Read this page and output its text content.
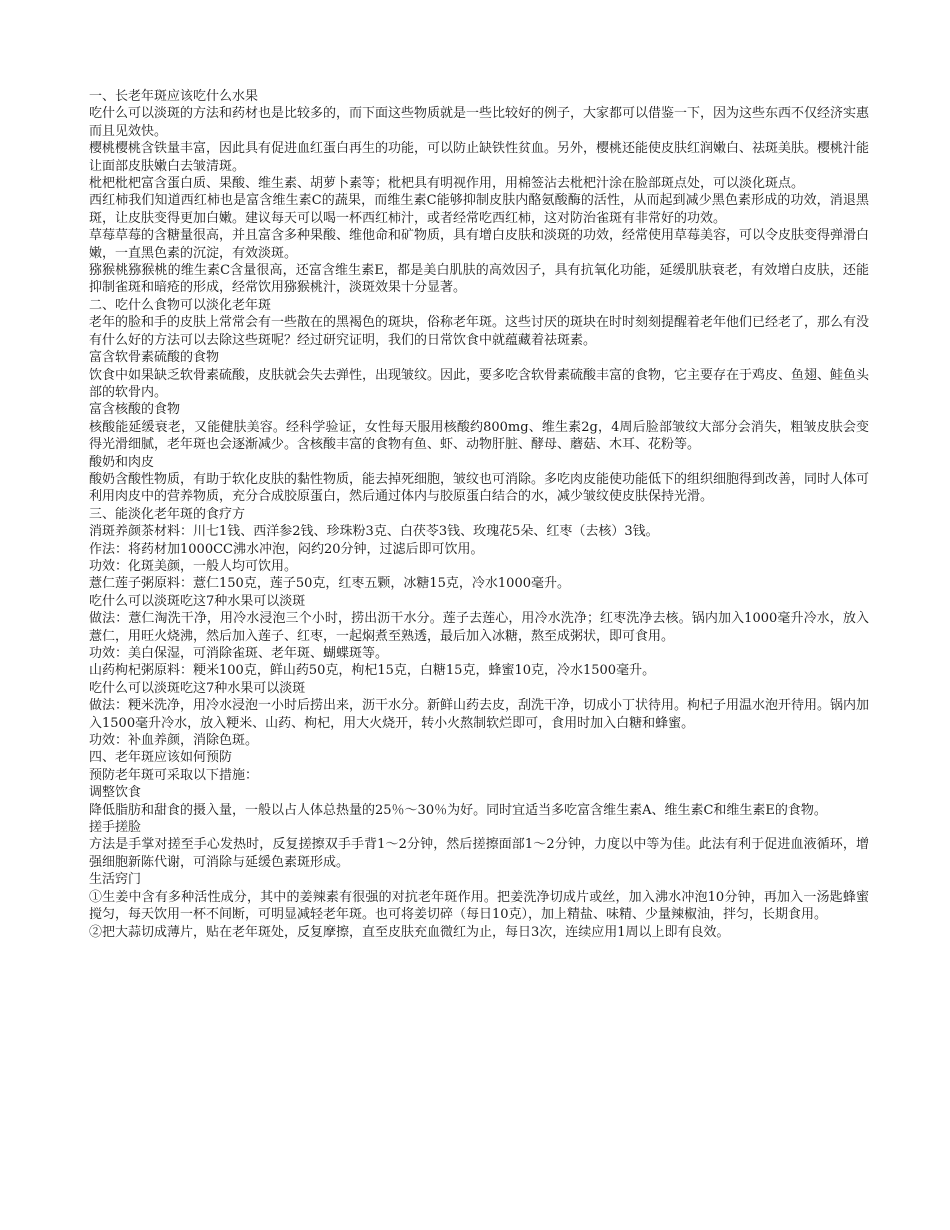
一、长老年斑应该吃什么水果

吃什么可以淡斑的方法和药材也是比较多的，而下面这些物质就是一些比较好的例子，大家都可以借鉴一下，因为这些东西不仅经济实惠而且见效快。

樱桃樱桃含铁量丰富，因此具有促进血红蛋白再生的功能，可以防止缺铁性贫血。另外，樱桃还能使皮肤红润嫩白、祛斑美肤。樱桃汁能让面部皮肤嫩白去皱清斑。

枇杷枇杷富含蛋白质、果酸、维生素、胡萝卜素等；枇杷具有明视作用，用棉签沾去枇杷汁涂在脸部斑点处，可以淡化斑点。

西红柿我们知道西红柿也是富含维生素C的蔬果，而维生素C能够抑制皮肤内酪氨酸酶的活性，从而起到减少黑色素形成的功效，消退黑斑，让皮肤变得更加白嫩。建议每天可以喝一杯西红柿汁，或者经常吃西红柿，这对防治雀斑有非常好的功效。

草莓草莓的含糖量很高，并且富含多种果酸、维他命和矿物质，具有增白皮肤和淡斑的功效，经常使用草莓美容，可以令皮肤变得弹滑白嫩，一直黑色素的沉淀，有效淡斑。

猕猴桃猕猴桃的维生素C含量很高，还富含维生素E，都是美白肌肤的高效因子，具有抗氧化功能，延缓肌肤衰老，有效增白皮肤，还能抑制雀斑和暗疮的形成，经常饮用猕猴桃汁，淡斑效果十分显著。

二、吃什么食物可以淡化老年斑

老年的脸和手的皮肤上常常会有一些散在的黑褐色的斑块，俗称老年斑。这些讨厌的斑块在时时刻刻提醒着老年他们已经老了，那么有没有什么好的方法可以去除这些斑呢？经过研究证明，我们的日常饮食中就蕴藏着祛斑素。

富含软骨素硫酸的食物

饮食中如果缺乏软骨素硫酸，皮肤就会失去弹性，出现皱纹。因此，要多吃含软骨素硫酸丰富的食物，它主要存在于鸡皮、鱼翅、鲑鱼头部的软骨内。

富含核酸的食物

核酸能延缓衰老，又能健肤美容。经科学验证，女性每天服用核酸约800mg、维生素2g，4周后脸部皱纹大部分会消失，粗皱皮肤会变得光滑细腻，老年斑也会逐渐减少。含核酸丰富的食物有鱼、虾、动物肝脏、酵母、蘑菇、木耳、花粉等。

酸奶和肉皮

酸奶含酸性物质，有助于软化皮肤的黏性物质，能去掉死细胞，皱纹也可消除。多吃肉皮能使功能低下的组织细胞得到改善，同时人体可利用肉皮中的营养物质，充分合成胶原蛋白，然后通过体内与胶原蛋白结合的水，减少皱纹使皮肤保持光滑。

三、能淡化老年斑的食疗方

消斑养颜茶材料：川七1钱、西洋参2钱、珍珠粉3克、白茯苓3钱、玫瑰花5朵、红枣（去核）3钱。

作法：将药材加1000CC沸水冲泡，闷约20分钟，过滤后即可饮用。

功效：化斑美颜，一般人均可饮用。

薏仁莲子粥原料：薏仁150克，莲子50克，红枣五颗，冰糖15克，冷水1000毫升。

吃什么可以淡斑吃这7种水果可以淡斑

做法：薏仁淘洗干净，用冷水浸泡三个小时，捞出沥干水分。莲子去莲心，用冷水洗净；红枣洗净去核。锅内加入1000毫升冷水，放入薏仁，用旺火烧沸，然后加入莲子、红枣，一起焖煮至熟透，最后加入冰糖，熬至成粥状，即可食用。

功效：美白保湿，可消除雀斑、老年斑、蝴蝶斑等。

山药枸杞粥原料：粳米100克，鲜山药50克，枸杞15克，白糖15克，蜂蜜10克，冷水1500毫升。

吃什么可以淡斑吃这7种水果可以淡斑

做法：粳米洗净，用冷水浸泡一小时后捞出来，沥干水分。新鲜山药去皮，刮洗干净，切成小丁状待用。枸杞子用温水泡开待用。锅内加入1500毫升冷水，放入粳米、山药、枸杞，用大火烧开，转小火熬制软烂即可，食用时加入白糖和蜂蜜。

功效：补血养颜，消除色斑。

四、老年斑应该如何预防

预防老年斑可采取以下措施：

调整饮食

降低脂肪和甜食的摄入量，一般以占人体总热量的25％～30％为好。同时宜适当多吃富含维生素A、维生素C和维生素E的食物。

搓手搓脸

方法是手掌对搓至手心发热时，反复搓擦双手手背1～2分钟，然后搓擦面部1～2分钟，力度以中等为佳。此法有利于促进血液循环，增强细胞新陈代谢，可消除与延缓色素斑形成。

生活窍门

①生姜中含有多种活性成分，其中的姜辣素有很强的对抗老年斑作用。把姜洗净切成片或丝，加入沸水冲泡10分钟，再加入一汤匙蜂蜜搅匀，每天饮用一杯不间断，可明显减轻老年斑。也可将姜切碎（每日10克），加上精盐、味精、少量辣椒油，拌匀，长期食用。

②把大蒜切成薄片，贴在老年斑处，反复摩擦，直至皮肤充血微红为止，每日3次，连续应用1周以上即有良效。
